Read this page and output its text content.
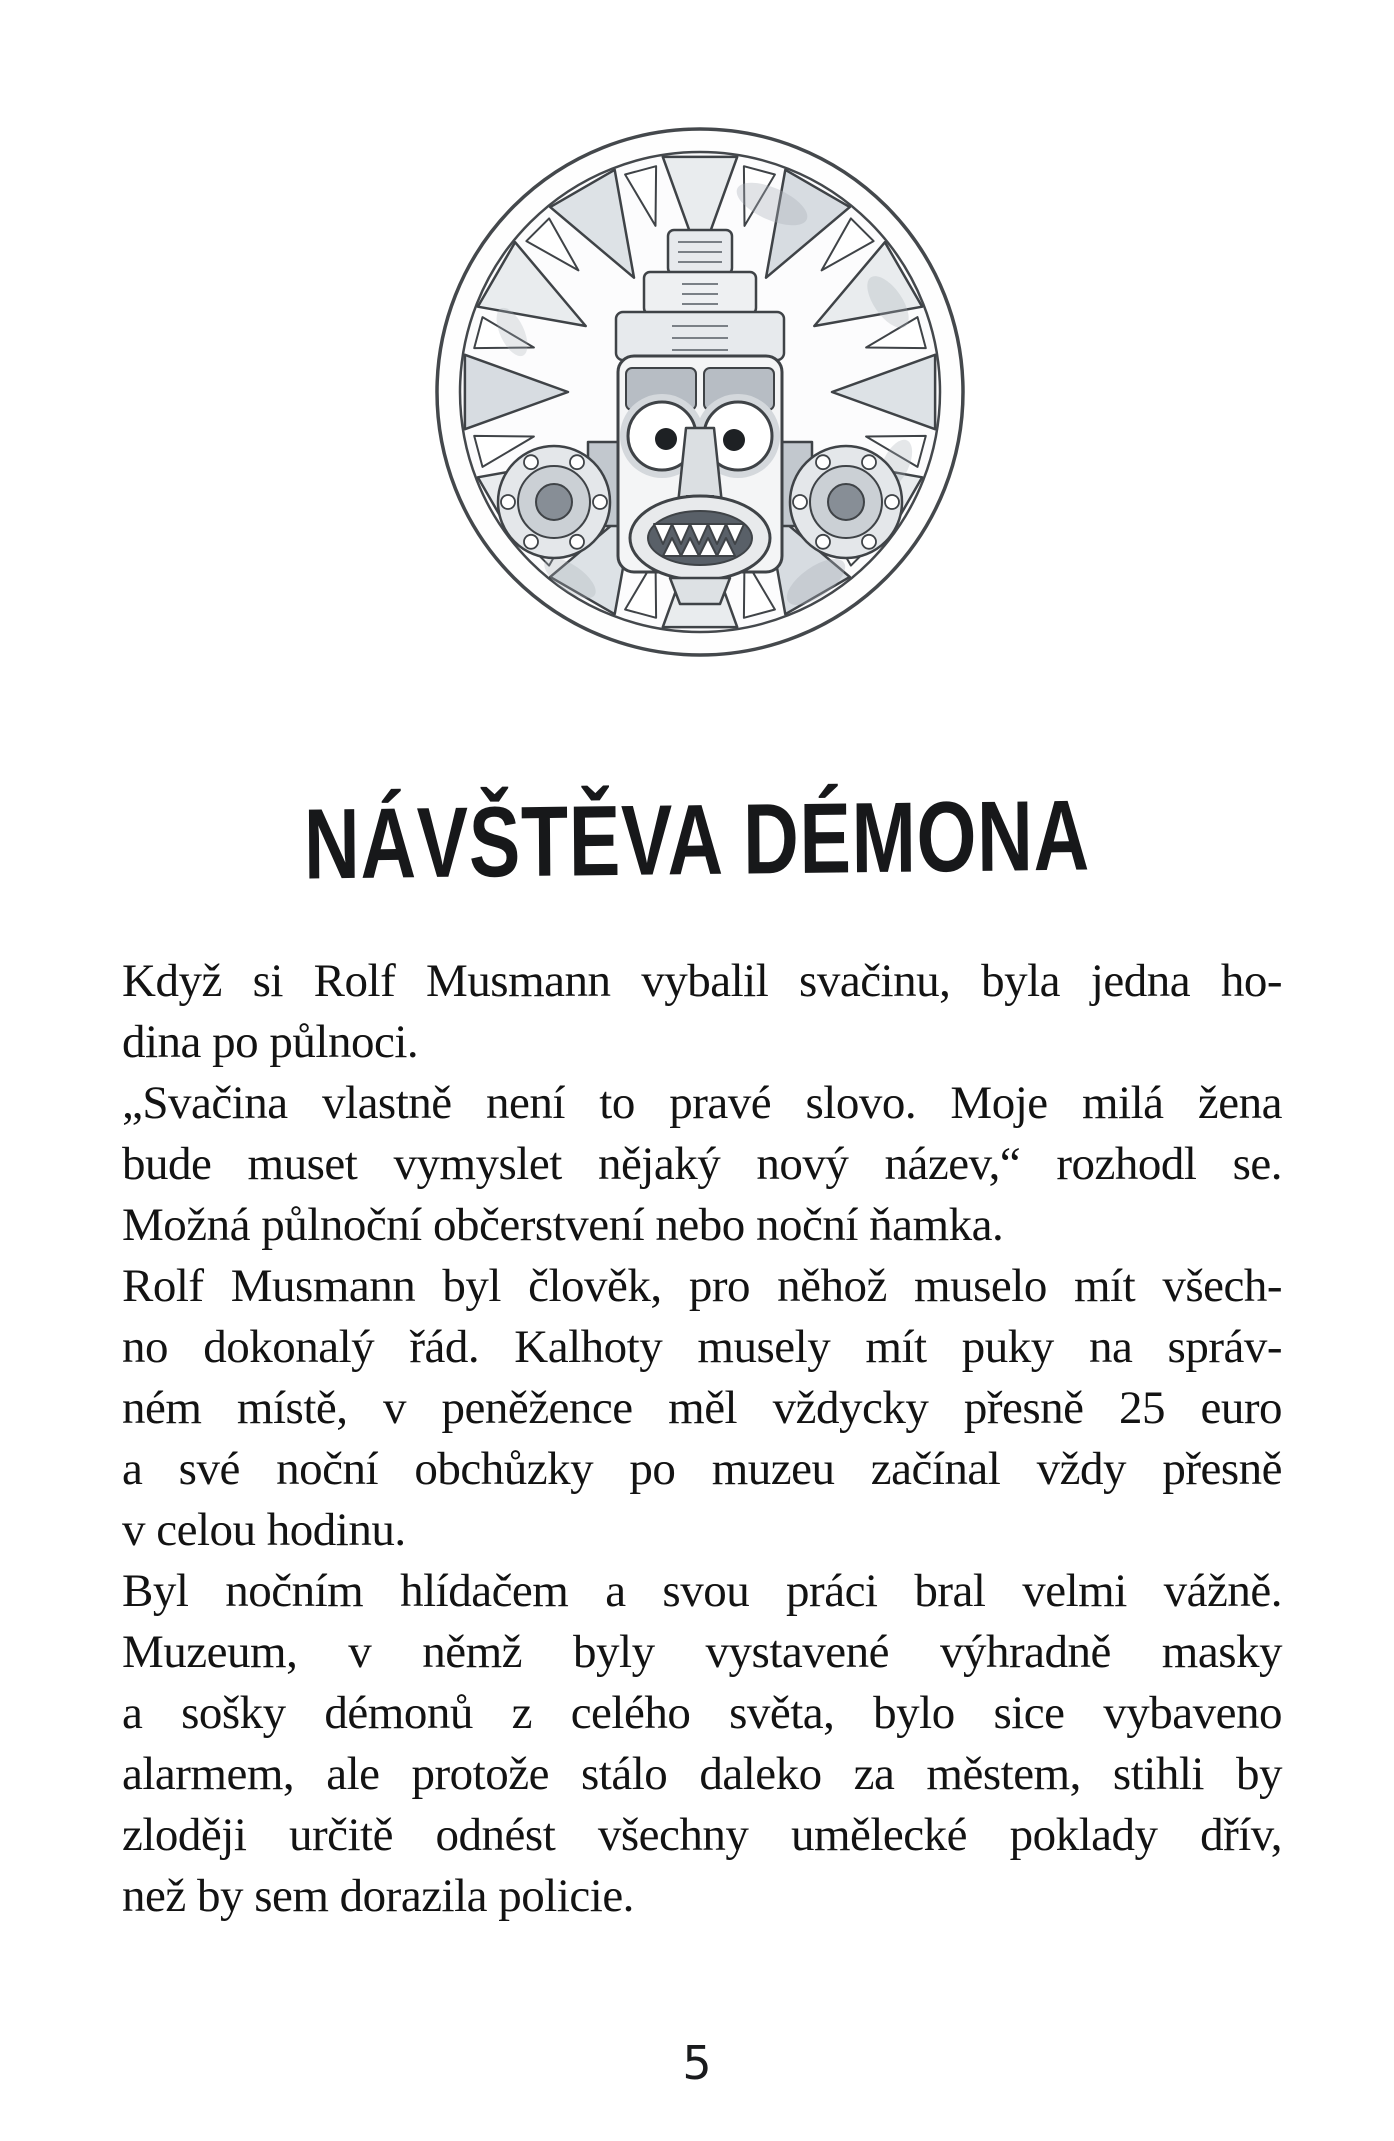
NÁVŠTĚVA DÉMONA
Když si Rolf Musmann vybalil svačinu, byla jedna ho-
dina po půlnoci.
„Svačina vlastně není to pravé slovo. Moje milá žena
bude muset vymyslet nějaký nový název,“ rozhodl se.
Možná půlnoční občerstvení nebo noční ňamka.
Rolf Musmann byl člověk, pro něhož muselo mít všech-
no dokonalý řád. Kalhoty musely mít puky na správ-
ném místě, v peněžence měl vždycky přesně 25 euro
a své noční obchůzky po muzeu začínal vždy přesně
v celou hodinu.
Byl nočním hlídačem a svou práci bral velmi vážně.
Muzeum, v němž byly vystavené výhradně masky
a sošky démonů z celého světa, bylo sice vybaveno
alarmem, ale protože stálo daleko za městem, stihli by
zloději určitě odnést všechny umělecké poklady dřív,
než by sem dorazila policie.
5
